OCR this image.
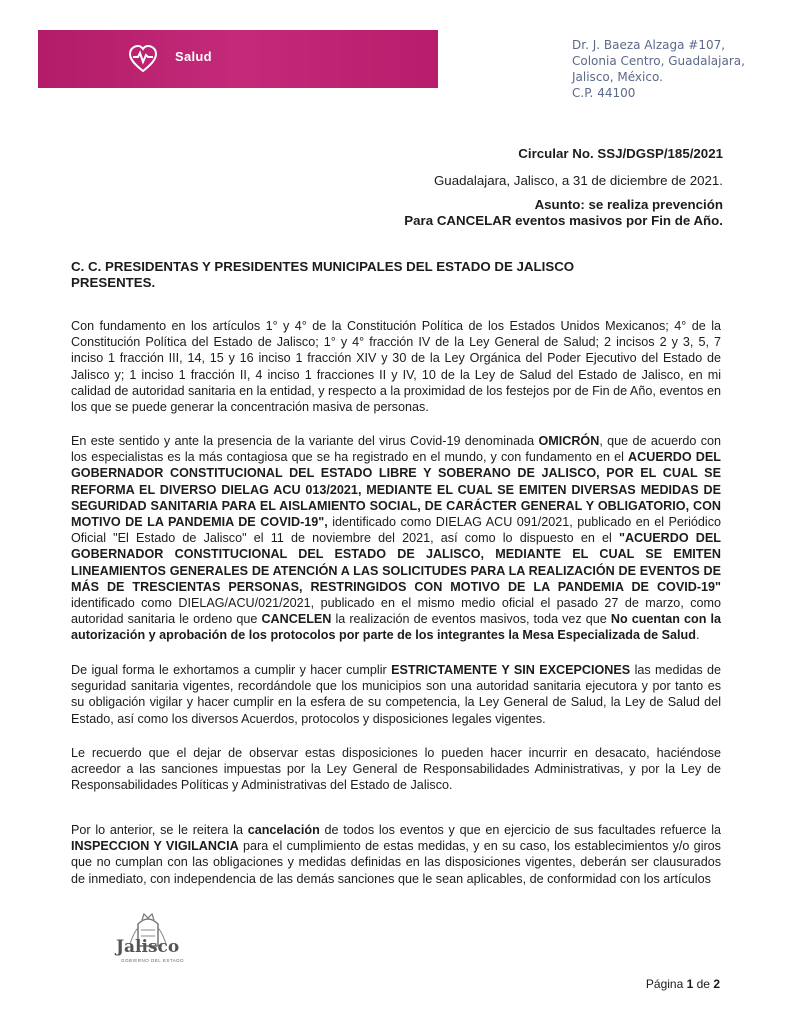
Salud
Dr. J. Baeza Alzaga #107,
Colonia Centro, Guadalajara,
Jalisco, México.
C.P. 44100
Circular No. SSJ/DGSP/185/2021
Guadalajara, Jalisco, a 31 de diciembre de 2021.
Asunto: se realiza prevención
Para CANCELAR eventos masivos por Fin de Año.
C. C. PRESIDENTAS Y PRESIDENTES MUNICIPALES DEL ESTADO DE JALISCO
PRESENTES.
Con fundamento en los artículos 1° y 4° de la Constitución Política de los Estados Unidos Mexicanos; 4° de la Constitución Política del Estado de Jalisco; 1° y 4° fracción IV de la Ley General de Salud; 2 incisos 2 y 3, 5, 7 inciso 1 fracción III, 14, 15 y 16 inciso 1 fracción XIV y 30 de la Ley Orgánica del Poder Ejecutivo del Estado de Jalisco y; 1 inciso 1 fracción II, 4 inciso 1 fracciones II y IV, 10 de la Ley de Salud del Estado de Jalisco, en mi calidad de autoridad sanitaria en la entidad, y respecto a la proximidad de los festejos por de Fin de Año, eventos en los que se puede generar la concentración masiva de personas.
En este sentido y ante la presencia de la variante del virus Covid-19 denominada OMICRÓN, que de acuerdo con los especialistas es la más contagiosa que se ha registrado en el mundo, y con fundamento en el ACUERDO DEL GOBERNADOR CONSTITUCIONAL DEL ESTADO LIBRE Y SOBERANO DE JALISCO, POR EL CUAL SE REFORMA EL DIVERSO DIELAG ACU 013/2021, MEDIANTE EL CUAL SE EMITEN DIVERSAS MEDIDAS DE SEGURIDAD SANITARIA PARA EL AISLAMIENTO SOCIAL, DE CARÁCTER GENERAL Y OBLIGATORIO, CON MOTIVO DE LA PANDEMIA DE COVID-19", identificado como DIELAG ACU 091/2021, publicado en el Periódico Oficial "El Estado de Jalisco" el 11 de noviembre del 2021, así como lo dispuesto en el "ACUERDO DEL GOBERNADOR CONSTITUCIONAL DEL ESTADO DE JALISCO, MEDIANTE EL CUAL SE EMITEN LINEAMIENTOS GENERALES DE ATENCIÓN A LAS SOLICITUDES PARA LA REALIZACIÓN DE EVENTOS DE MÁS DE TRESCIENTAS PERSONAS, RESTRINGIDOS CON MOTIVO DE LA PANDEMIA DE COVID-19" identificado como DIELAG/ACU/021/2021, publicado en el mismo medio oficial el pasado 27 de marzo, como autoridad sanitaria le ordeno que CANCELEN la realización de eventos masivos, toda vez que No cuentan con la autorización y aprobación de los protocolos por parte de los integrantes la Mesa Especializada de Salud.
De igual forma le exhortamos a cumplir y hacer cumplir ESTRICTAMENTE Y SIN EXCEPCIONES las medidas de seguridad sanitaria vigentes, recordándole que los municipios son una autoridad sanitaria ejecutora y por tanto es su obligación vigilar y hacer cumplir en la esfera de su competencia, la Ley General de Salud, la Ley de Salud del Estado, así como los diversos Acuerdos, protocolos y disposiciones legales vigentes.
Le recuerdo que el dejar de observar estas disposiciones lo pueden hacer incurrir en desacato, haciéndose acreedor a las sanciones impuestas por la Ley General de Responsabilidades Administrativas, y por la Ley de Responsabilidades Políticas y Administrativas del Estado de Jalisco.
Por lo anterior, se le reitera la cancelación de todos los eventos y que en ejercicio de sus facultades refuerce la INSPECCION Y VIGILANCIA para el cumplimiento de estas medidas, y en su caso, los establecimientos y/o giros que no cumplan con las obligaciones y medidas definidas en las disposiciones vigentes, deberán ser clausurados de inmediato, con independencia de las demás sanciones que le sean aplicables, de conformidad con los artículos
Jalisco
GOBIERNO DEL ESTADO
Página 1 de 2
